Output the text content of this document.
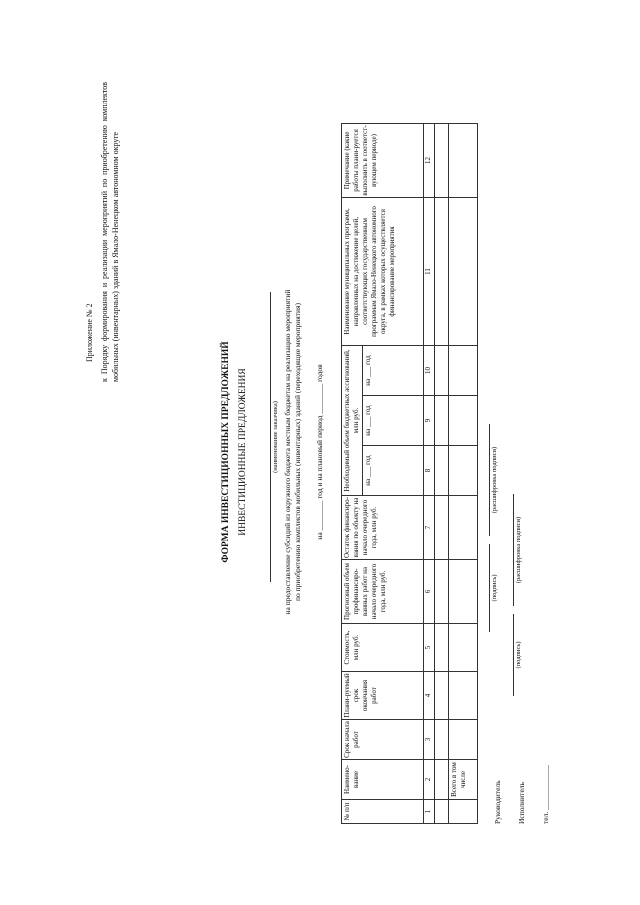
Приложение № 2 к Порядку формирования и реализации мероприятий по приобретению комплектов мобильных (инвентарных) зданий в Ямало-Ненецком автономном округе
ФОРМА ИНВЕСТИЦИОННЫХ ПРЕДЛОЖЕНИЙ ИНВЕСТИЦИОННЫЕ ПРЕДЛОЖЕНИЯ	(наименование заказчика) на предоставление субсидий из окружного бюджета местным бюджетам на реализацию мероприятий по приобретению комплектов мобильных (инвентарных) зданий (переходящие мероприятия) на ________ год и на плановый период ________ годов
№ п/п	Наимено-вание	Срок начала работ	Плани-руемый срок окончания работ	Стоимость, млн руб.	Прогнозный объем профинансиро-ванных работ на начало очередного года, млн руб.	Остаток финансиро-вания по объекту на начало очередного года, млн руб.	Необходимый объем бюджетных ассигнований, млн руб.			Наименование муниципальных программ, направленных на достижение целей, соответствующих государственным программам Ямало-Ненецкого автономного округа, в рамках которых осуществляется финансирование мероприятия	Примечание (какие работы плани-руется выполнить в соответст-вующем периоде)
							на ___ год	на ___ год	на ___ год		
1	2	3	4	5	6	7	8	9	10	11	12

	Всего в том числе										
Руководитель
(подпись)
(расшифровка подписи)
Исполнитель
(подпись)
(расшифровка подписи)
тел. ____________
